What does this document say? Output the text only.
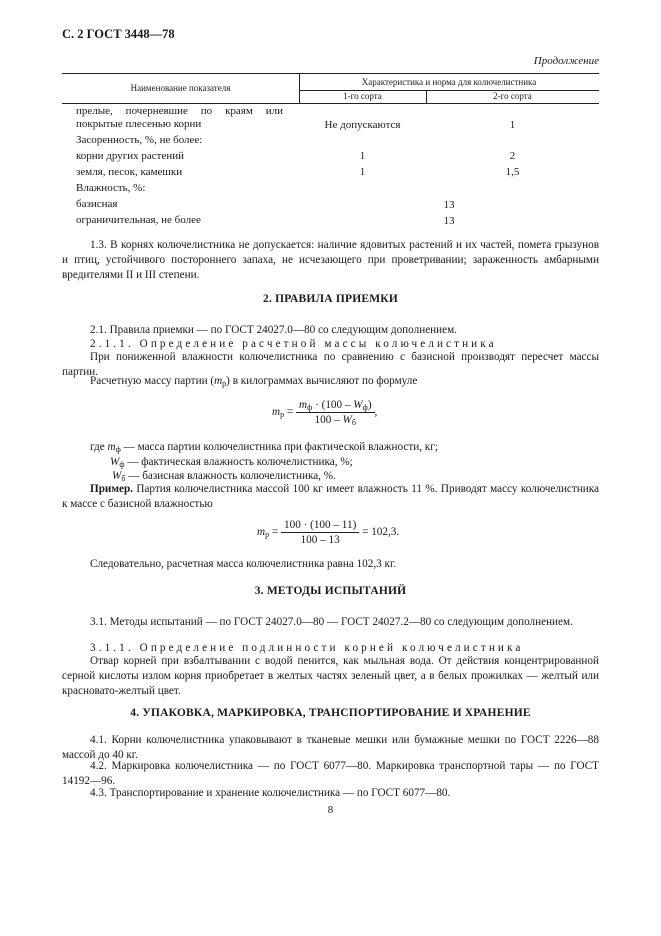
С. 2 ГОСТ 3448—78
Продолжение
Наименование показателя
Характеристика и норма для колючелистника
1-го сорта	2-го сорта
прелые, почерневшие по краям или
покрытые плесенью корни	Не допускаются	1
Засоренность, %, не более:
корни других растений	1	2
земля, песок, камешки	1	1,5
Влажность, %:
базисная	13
ограничительная, не более	13
1.3. В корнях колючелистника не допускается: наличие ядовитых растений и их частей, помета грызунов и птиц, устойчивого постороннего запаха, не исчезающего при проветривании; зараженность амбарными вредителями II и III степени.
2. ПРАВИЛА ПРИЕМКИ
2.1. Правила приемки — по ГОСТ 24027.0—80 со следующим дополнением.
2.1.1. Определение расчетной массы колючелистника
При пониженной влажности колючелистника по сравнению с базисной производят пересчет массы партии.
Расчетную массу партии $(m_р)$ в килограммах вычисляют по формуле
$m_р = \frac{m_ф \cdot (100 - W_ф)}{100 - W_б}$ ,
где $m_ф$ — масса партии колючелистника при фактической влажности, кг;
$W_ф$ — фактическая влажность колючелистника, %;
$W_б$ — базисная влажность колючелистника, %.
Пример. Партия колючелистника массой 100 кг имеет влажность 11 %. Приводят массу колючелистника к массе с базисной влажностью
$m_р = \frac{100 \cdot (100 - 11)}{100 - 13} = 102,3$.
Следовательно, расчетная масса колючелистника равна 102,3 кг.
3. МЕТОДЫ ИСПЫТАНИЙ
3.1. Методы испытаний — по ГОСТ 24027.0—80 — ГОСТ 24027.2—80 со следующим дополнением.
3.1.1. Определение подлинности корней колючелистника
Отвар корней при взбалтывании с водой пенится, как мыльная вода. От действия концентрированной серной кислоты излом корня приобретает в желтых частях зеленый цвет, а в белых прожилках — желтый или красновато-желтый цвет.
4. УПАКОВКА, МАРКИРОВКА, ТРАНСПОРТИРОВАНИЕ И ХРАНЕНИЕ
4.1. Корни колючелистника упаковывают в тканевые мешки или бумажные мешки по ГОСТ 2226—88 массой до 40 кг.
4.2. Маркировка колючелистника — по ГОСТ 6077—80. Маркировка транспортной тары — по ГОСТ 14192—96.
4.3. Транспортирование и хранение колючелистника — по ГОСТ 6077—80.
8
